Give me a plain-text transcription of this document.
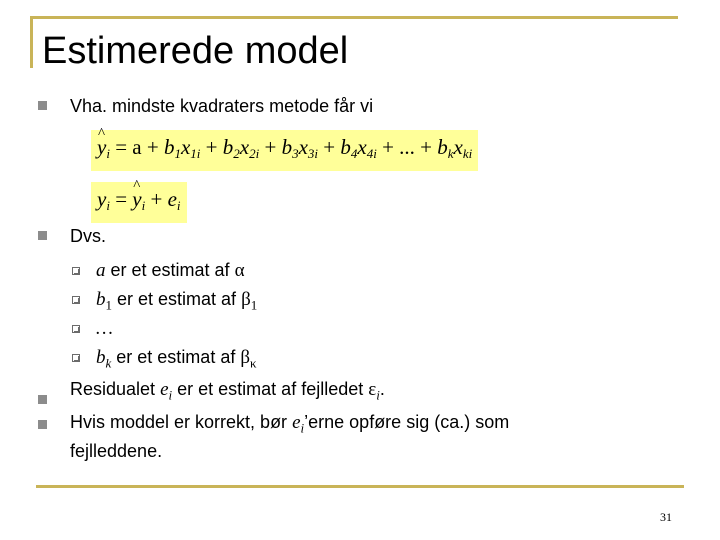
Estimerede model
Vha. mindste kvadraters metode får vi
^ $y_i = a + b_1x_{1i} + b_2x_{2i} + b_3x_{3i} + b_4x_{4i}$ + ... + $b_kx_{ki}$
$y_i$ = ^ $y_i + e_i$
Dvs.
a er et estimat af α
$b_1$ er et estimat af $\beta_1$
…
$b_k$ er et estimat af $\beta_\kappa$
Residualet $e_i$ er et estimat af fejlledet $\varepsilon_i$.
Hvis moddel er korrekt, bør $e_i’erne$ opføre sig (ca.) som
fejlleddene.
31
